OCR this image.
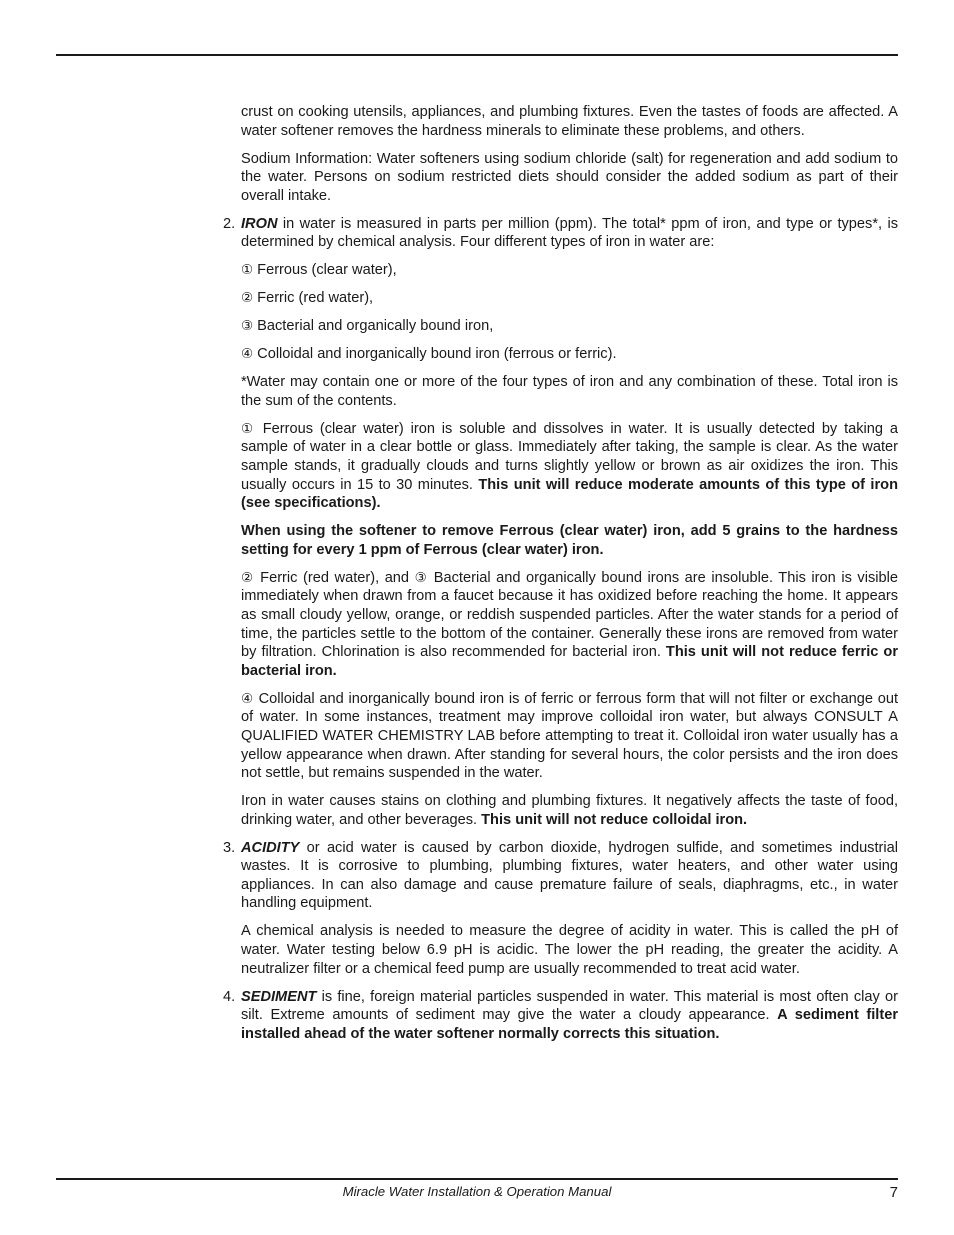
crust on cooking utensils, appliances, and plumbing fixtures. Even the tastes of foods are affected. A water softener removes the hardness minerals to eliminate these problems, and others.

Sodium Information: Water softeners using sodium chloride (salt) for regeneration and add sodium to the water. Persons on sodium restricted diets should consider the added sodium as part of their overall intake.

2. IRON in water is measured in parts per million (ppm). The total* ppm of iron, and type or types*, is determined by chemical analysis. Four different types of iron in water are:

① Ferrous (clear water),

② Ferric (red water),

③ Bacterial and organically bound iron,

④ Colloidal and inorganically bound iron (ferrous or ferric).

*Water may contain one or more of the four types of iron and any combination of these. Total iron is the sum of the contents.

① Ferrous (clear water) iron is soluble and dissolves in water. It is usually detected by taking a sample of water in a clear bottle or glass. Immediately after taking, the sample is clear. As the water sample stands, it gradually clouds and turns slightly yellow or brown as air oxidizes the iron. This usually occurs in 15 to 30 minutes. This unit will reduce moderate amounts of this type of iron (see specifications).

When using the softener to remove Ferrous (clear water) iron, add 5 grains to the hardness setting for every 1 ppm of Ferrous (clear water) iron.

② Ferric (red water), and ③ Bacterial and organically bound irons are insoluble. This iron is visible immediately when drawn from a faucet because it has oxidized before reaching the home. It appears as small cloudy yellow, orange, or reddish suspended particles. After the water stands for a period of time, the particles settle to the bottom of the container. Generally these irons are removed from water by filtration. Chlorination is also recommended for bacterial iron. This unit will not reduce ferric or bacterial iron.

④ Colloidal and inorganically bound iron is of ferric or ferrous form that will not filter or exchange out of water. In some instances, treatment may improve colloidal iron water, but always CONSULT A QUALIFIED WATER CHEMISTRY LAB before attempting to treat it. Colloidal iron water usually has a yellow appearance when drawn. After standing for several hours, the color persists and the iron does not settle, but remains suspended in the water.

Iron in water causes stains on clothing and plumbing fixtures. It negatively affects the taste of food, drinking water, and other beverages. This unit will not reduce colloidal iron.

3. ACIDITY or acid water is caused by carbon dioxide, hydrogen sulfide, and sometimes industrial wastes. It is corrosive to plumbing, plumbing fixtures, water heaters, and other water using appliances. In can also damage and cause premature failure of seals, diaphragms, etc., in water handling equipment.

A chemical analysis is needed to measure the degree of acidity in water. This is called the pH of water. Water testing below 6.9 pH is acidic. The lower the pH reading, the greater the acidity. A neutralizer filter or a chemical feed pump are usually recommended to treat acid water.

4. SEDIMENT is fine, foreign material particles suspended in water. This material is most often clay or silt. Extreme amounts of sediment may give the water a cloudy appearance. A sediment filter installed ahead of the water softener normally corrects this situation.

Miracle Water Installation & Operation Manual	7
